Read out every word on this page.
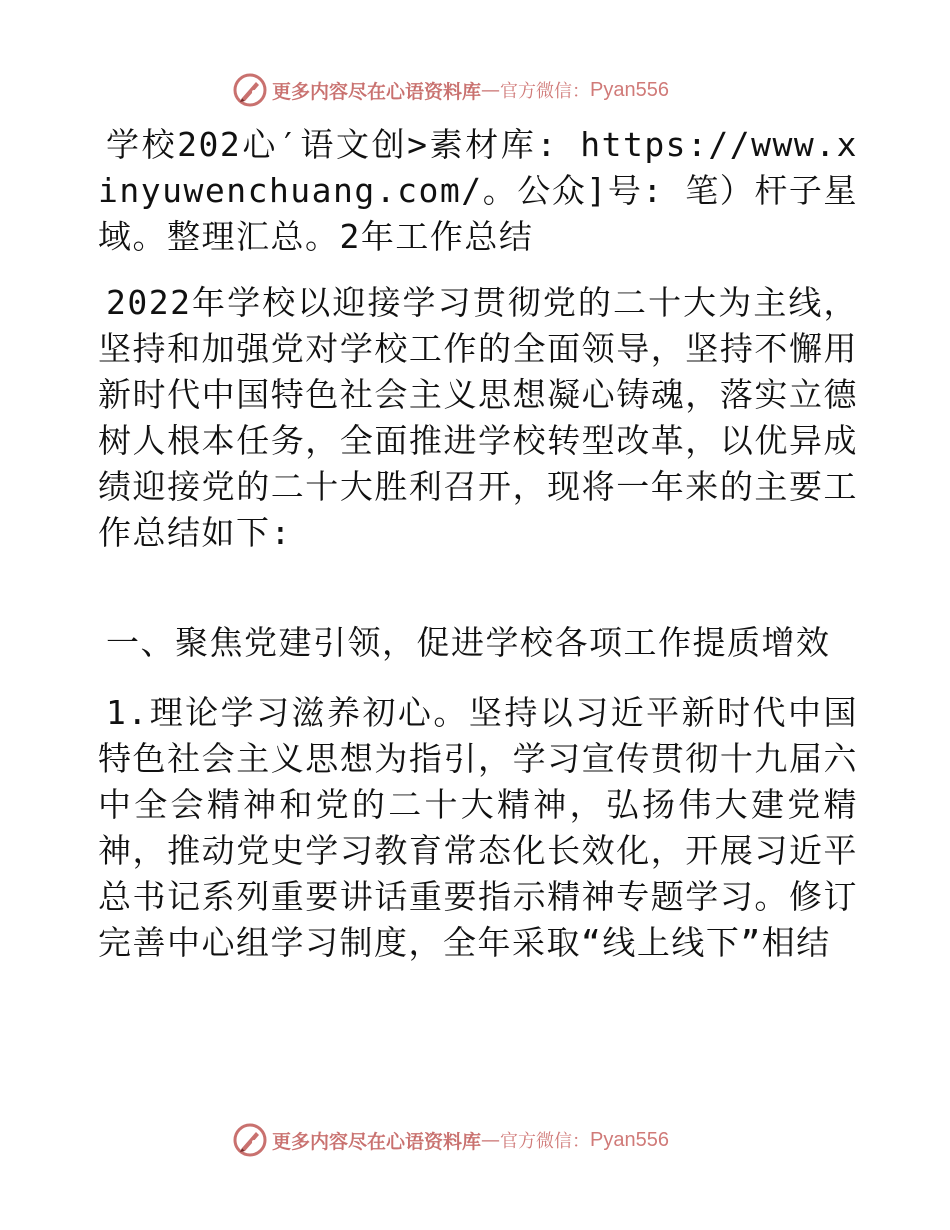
更多内容尽在心语资料库 — 官方微信： Pyan556

学校202心′语文创>素材库: https://www.xinyuwenchuang.com/。公众]号: 笔）杆子星域。整理汇总。2年工作总结

2022年学校以迎接学习贯彻党的二十大为主线，坚持和加强党对学校工作的全面领导，坚持不懈用新时代中国特色社会主义思想凝心铸魂，落实立德树人根本任务，全面推进学校转型改革，以优异成绩迎接党的二十大胜利召开，现将一年来的主要工作总结如下:

一、聚焦党建引领，促进学校各项工作提质增效

1.理论学习滋养初心。坚持以习近平新时代中国特色社会主义思想为指引，学习宣传贯彻十九届六中全会精神和党的二十大精神，弘扬伟大建党精神，推动党史学习教育常态化长效化，开展习近平总书记系列重要讲话重要指示精神专题学习。修订完善中心组学习制度，全年采取“线上线下”相结

更多内容尽在心语资料库 — 官方微信： Pyan556
